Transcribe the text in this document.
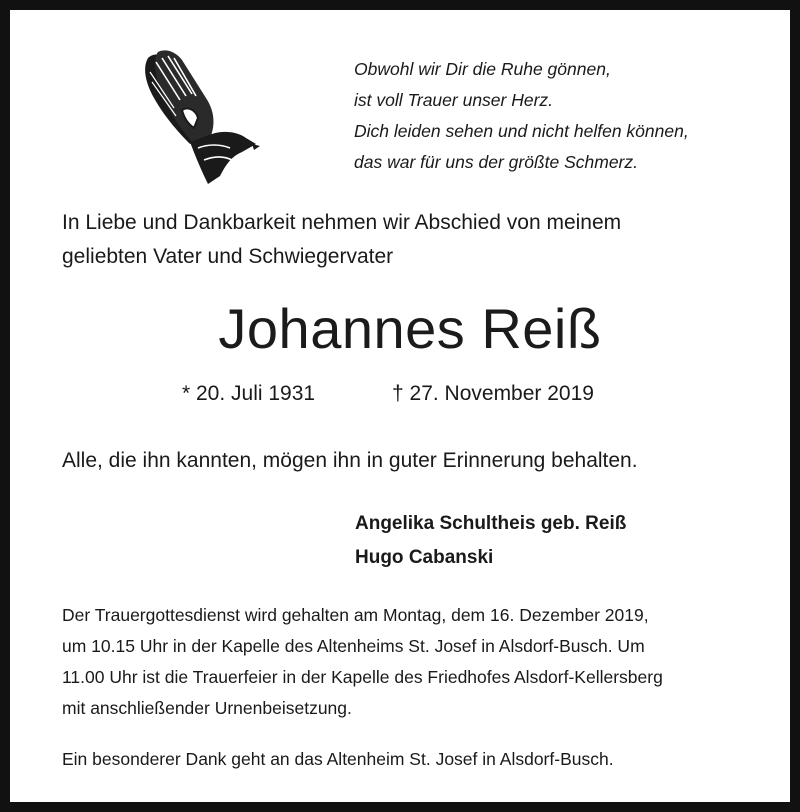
Obwohl wir Dir die Ruhe gönnen,
ist voll Trauer unser Herz.
Dich leiden sehen und nicht helfen können,
das war für uns der größte Schmerz.
In Liebe und Dankbarkeit nehmen wir Abschied von meinem
geliebten Vater und Schwiegervater
Johannes Reiß
* 20. Juli 1931	† 27. November 2019
Alle, die ihn kannten, mögen ihn in guter Erinnerung behalten.
Angelika Schultheis geb. Reiß
Hugo Cabanski
Der Trauergottesdienst wird gehalten am Montag, dem 16. Dezember 2019,
um 10.15 Uhr in der Kapelle des Altenheims St. Josef in Alsdorf-Busch. Um
11.00 Uhr ist die Trauerfeier in der Kapelle des Friedhofes Alsdorf-Kellersberg
mit anschließender Urnenbeisetzung.
Ein besonderer Dank geht an das Altenheim St. Josef in Alsdorf-Busch.
